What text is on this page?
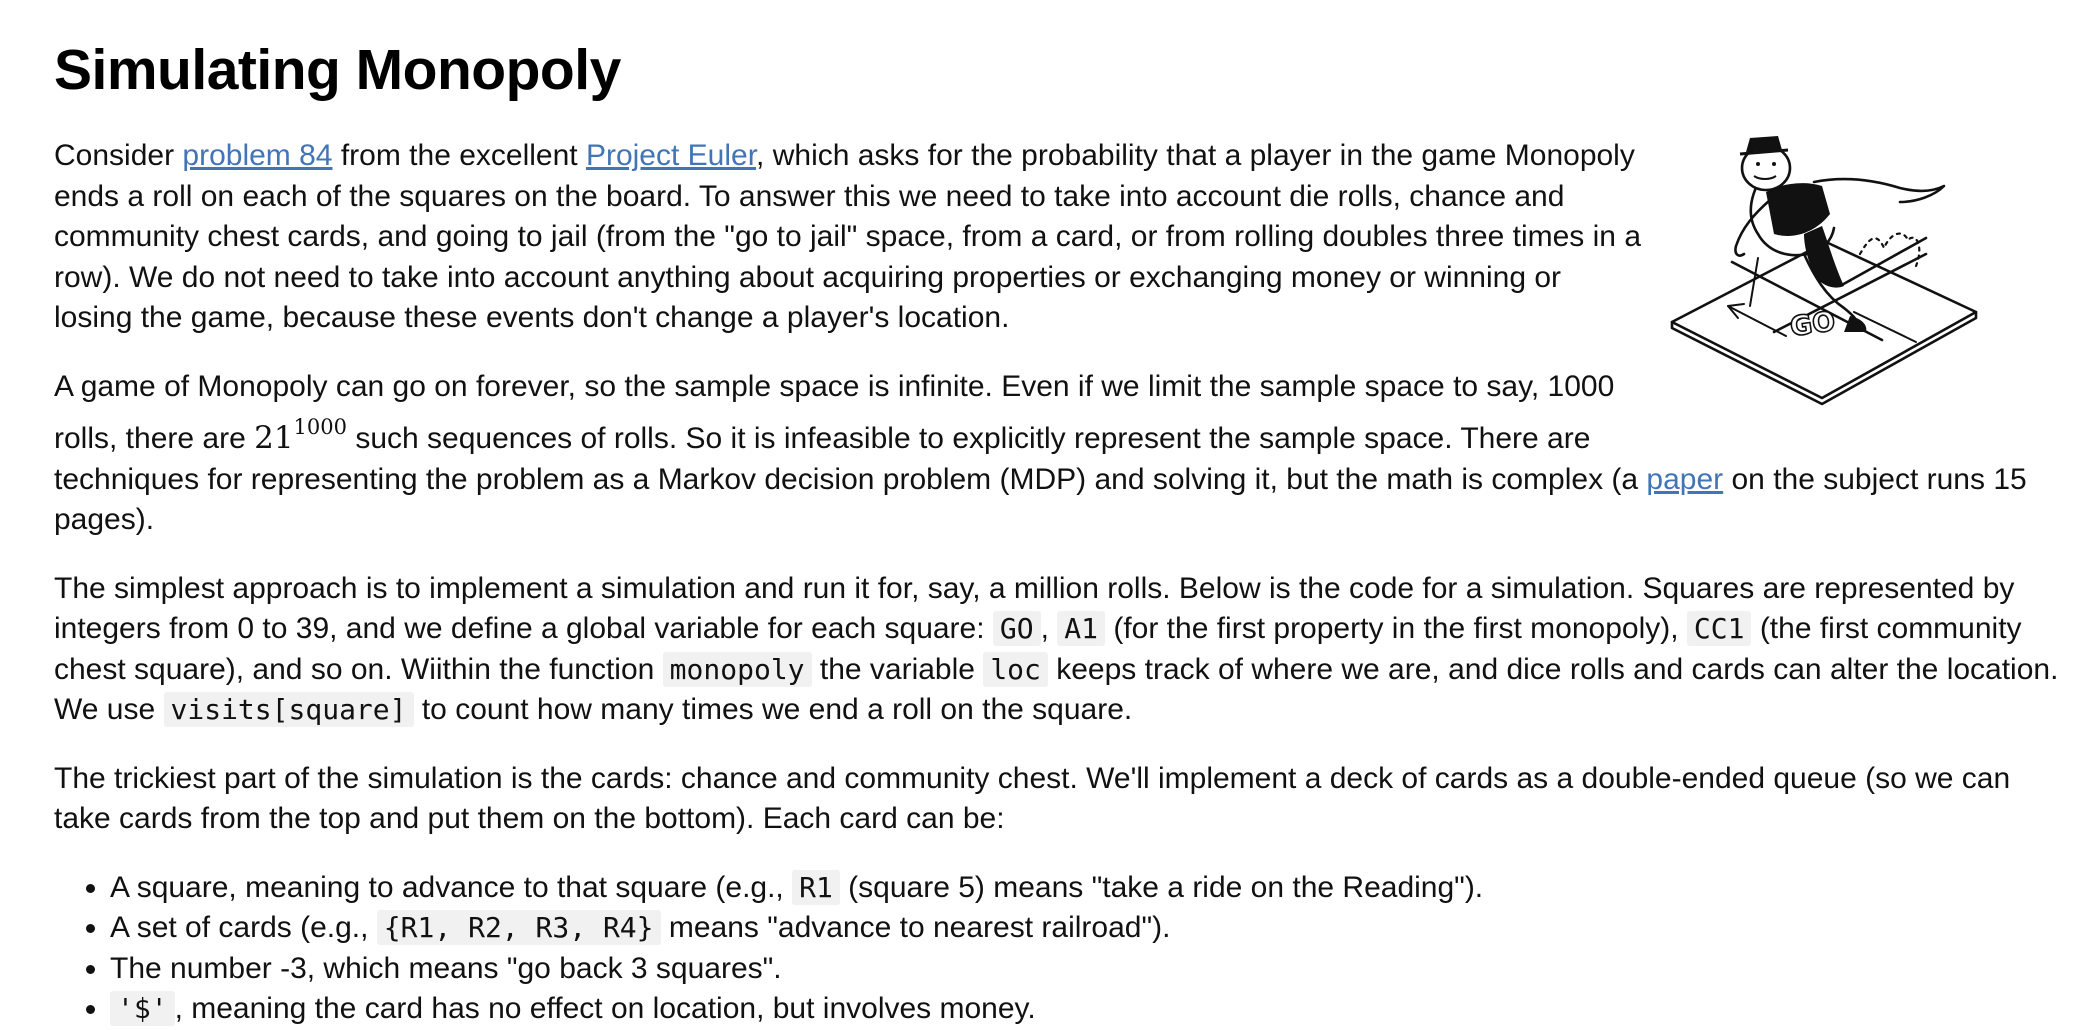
Simulating Monopoly
GO

Consider problem 84 from the excellent Project Euler, which asks for the probability that a player in the game Monopoly ends a roll on each of the squares on the board. To answer this we need to take into account die rolls, chance and community chest cards, and going to jail (from the "go to jail" space, from a card, or from rolling doubles three times in a row). We do not need to take into account anything about acquiring properties or exchanging money or winning or losing the game, because these events don't change a player's location.

A game of Monopoly can go on forever, so the sample space is infinite. Even if we limit the sample space to say, 1000 rolls, there are $21^{1000}$ such sequences of rolls. So it is infeasible to explicitly represent the sample space. There are techniques for representing the problem as a Markov decision problem (MDP) and solving it, but the math is complex (a paper on the subject runs 15 pages).

The simplest approach is to implement a simulation and run it for, say, a million rolls. Below is the code for a simulation. Squares are represented by integers from 0 to 39, and we define a global variable for each square: GO , A1 (for the first property in the first monopoly), CC1 (the first community chest square), and so on. Wiithin the function monopoly the variable loc keeps track of where we are, and dice rolls and cards can alter the location. We use visits[square] to count how many times we end a roll on the square.

The trickiest part of the simulation is the cards: chance and community chest. We'll implement a deck of cards as a double-ended queue (so we can take cards from the top and put them on the bottom). Each card can be:

• A square, meaning to advance to that square (e.g., R1 (square 5) means "take a ride on the Reading").
• A set of cards (e.g., {R1, R2, R3, R4} means "advance to nearest railroad").
• The number -3, which means "go back 3 squares".
• '$' , meaning the card has no effect on location, but involves money.
